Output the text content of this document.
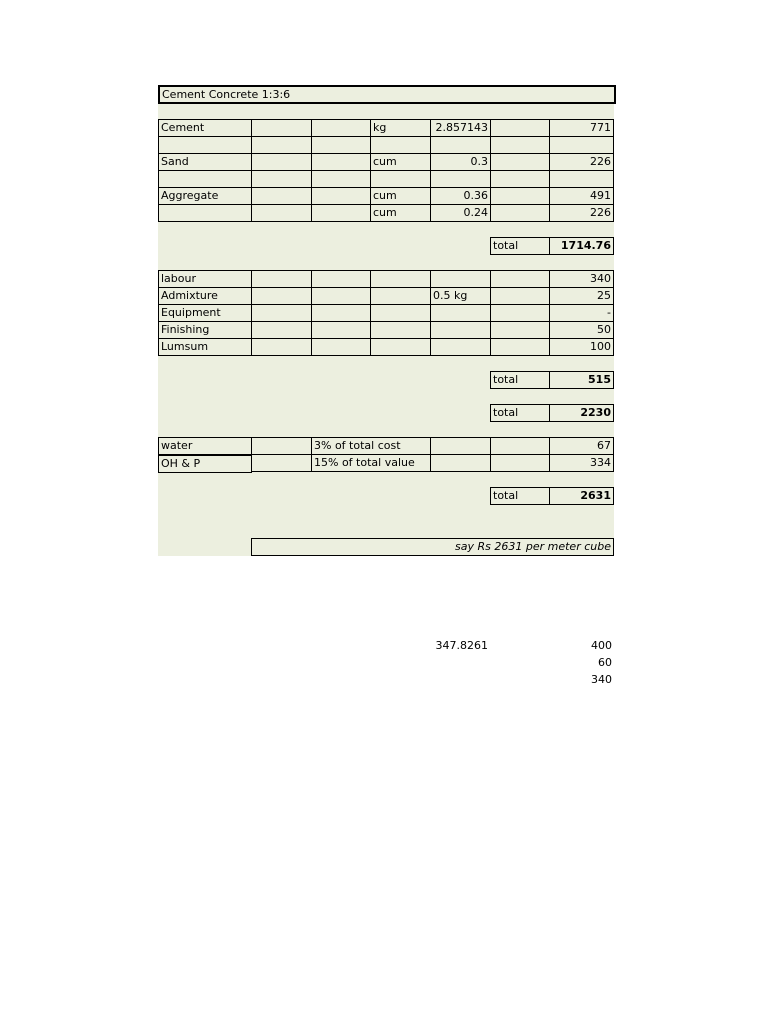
Cement Concrete 1:3:6
Cement	kg	2.857143	771
Sand	cum	0.3	226
Aggregate	cum	0.36	491
cum	0.24	226
total	1714.76
labour	340
Admixture	0.5 kg	25
Equipment	-
Finishing	50
Lumsum	100
total	515
total	2230
water	3% of total cost	67
OH & P	15% of total value	334
total	2631
say Rs 2631 per meter cube
347.8261	400
60
340
